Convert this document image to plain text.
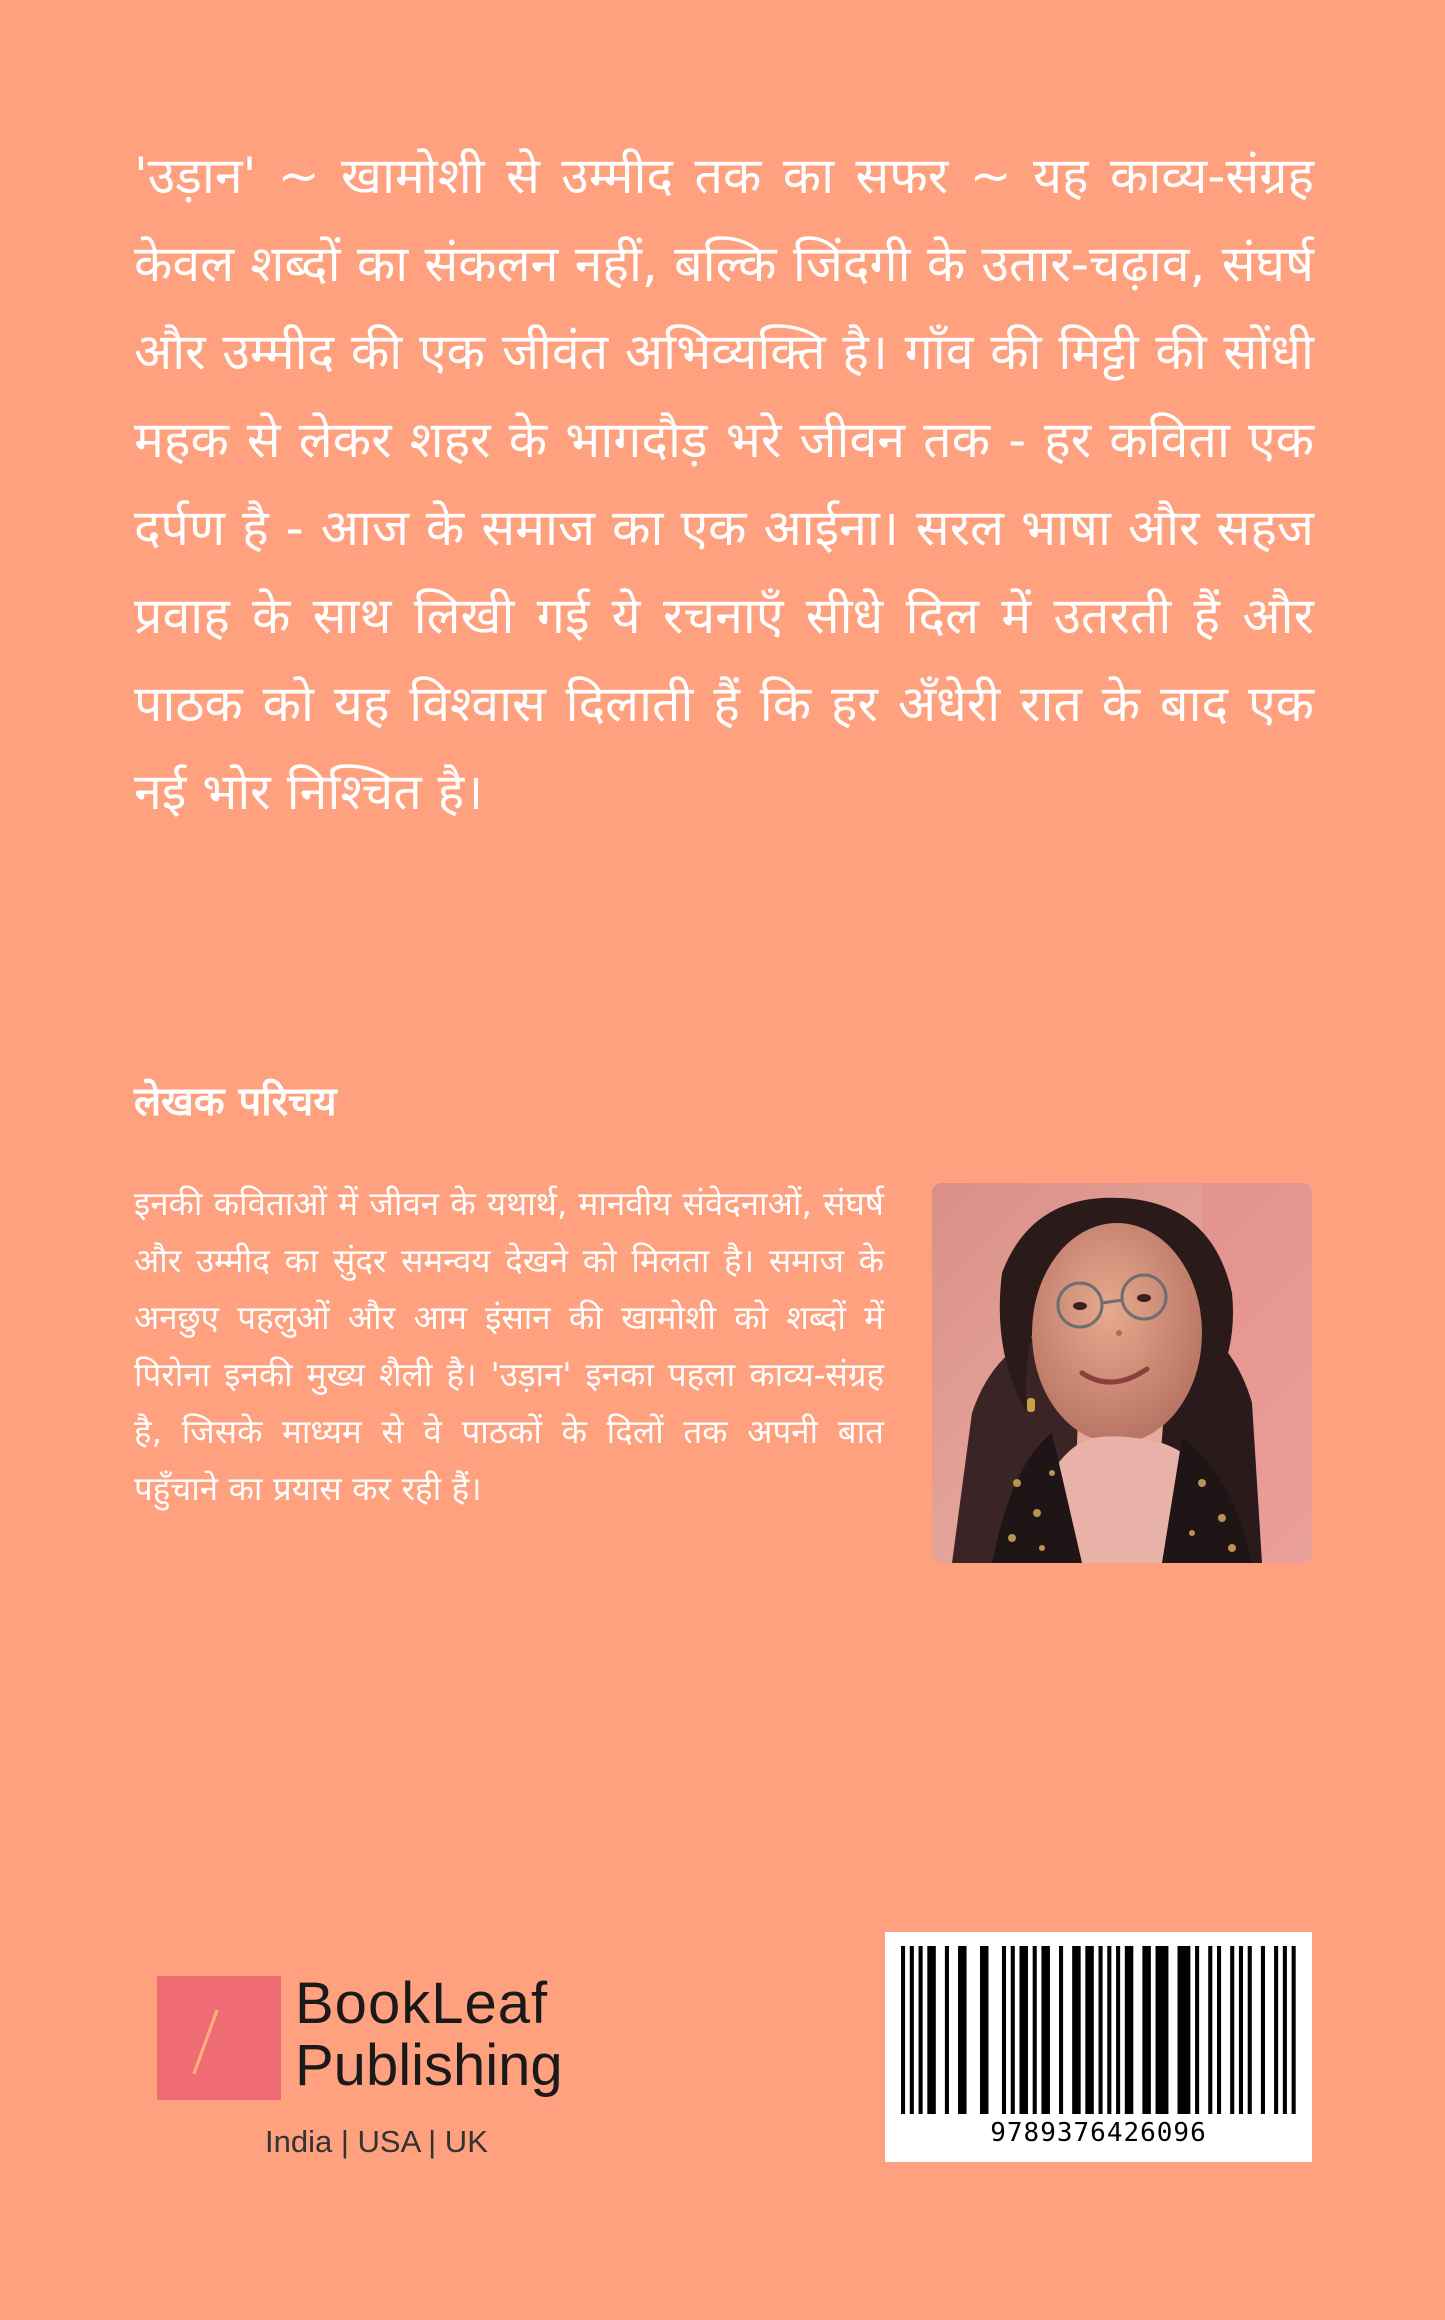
'उड़ान' ~ खामोशी से उम्मीद तक का सफर ~ यह काव्य-संग्रह केवल शब्दों का संकलन नहीं, बल्कि जिंदगी के उतार-चढ़ाव, संघर्ष और उम्मीद की एक जीवंत अभिव्यक्ति है। गाँव की मिट्टी की सोंधी महक से लेकर शहर के भागदौड़ भरे जीवन तक - हर कविता एक दर्पण है - आज के समाज का एक आईना। सरल भाषा और सहज प्रवाह के साथ लिखी गई ये रचनाएँ सीधे दिल में उतरती हैं और पाठक को यह विश्वास दिलाती हैं कि हर अँधेरी रात के बाद एक नई भोर निश्चित है।

लेखक परिचय

इनकी कविताओं में जीवन के यथार्थ, मानवीय संवेदनाओं, संघर्ष और उम्मीद का सुंदर समन्वय देखने को मिलता है। समाज के अनछुए पहलुओं और आम इंसान की खामोशी को शब्दों में पिरोना इनकी मुख्य शैली है। 'उड़ान' इनका पहला काव्य-संग्रह है, जिसके माध्यम से वे पाठकों के दिलों तक अपनी बात पहुँचाने का प्रयास कर रही हैं।

BookLeaf
Publishing
India | USA | UK	9789376426096
